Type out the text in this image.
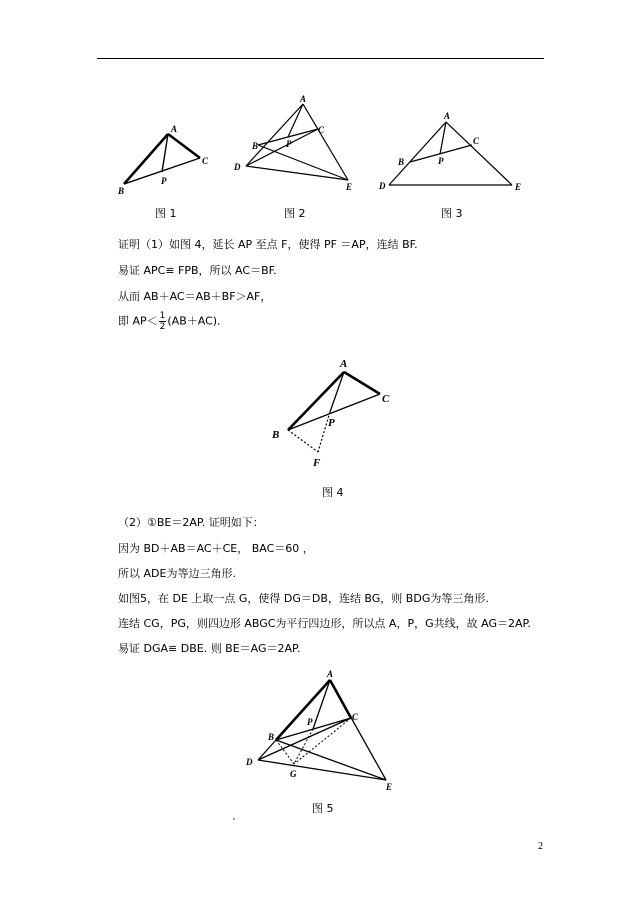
A
B
C
P
图 1
A
B
C
P
D
E
图 2
A
B
C
P
D	E
图 3
证明（1）如图 4，延长 AP 至点 F，使得 PF ＝AP，连结 BF.
易证 APC≌ FPB，所以 AC＝BF.
从而 AB＋AC＝AB＋BF＞AF，
即 $AP< \frac{1}{2} (AB+AC)$.
A
B
C
P
F
图 4
（2）①BE＝2AP. 证明如下：
因为 BD＋AB＝AC＋CE， BAC＝60 ，
所以 ADE为等边三角形.
如图5，在 DE 上取一点 G，使得 DG＝DB，连结 BG，则 BDG为等三角形.
连结 CG，PG，则四边形 ABGC为平行四边形，所以点 A，P，G共线，故 AG＝2AP.
易证 DGA≌ DBE. 则 BE＝AG＝2AP.
A
B
C
P
D
E
G
图 5
2
